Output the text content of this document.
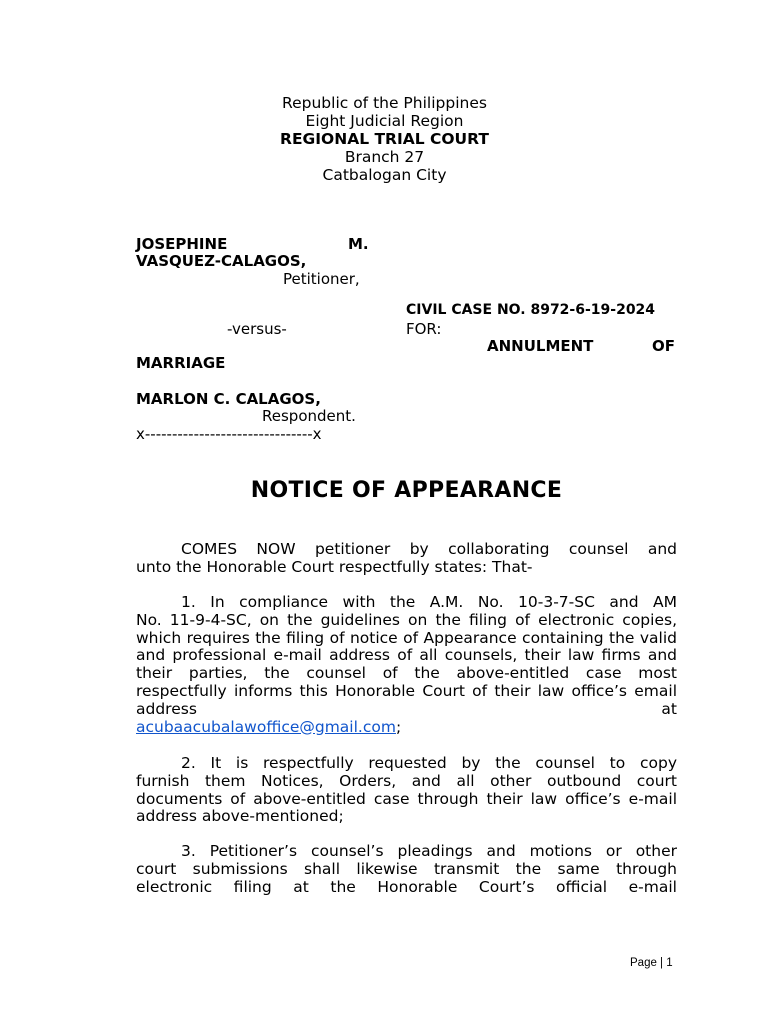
Republic of the Philippines
Eight Judicial Region
REGIONAL TRIAL COURT
Branch 27
Catbalogan City
JOSEPHINE	M.
VASQUEZ-CALAGOS,
Petitioner,
CIVIL CASE NO. 8972-6-19-2024
-versus-	FOR:
ANNULMENT	OF
MARRIAGE
MARLON C. CALAGOS,
Respondent.
x-------------------------------x
NOTICE OF APPEARANCE
COMES NOW petitioner by collaborating counsel and
unto the Honorable Court respectfully states: That-
1. In compliance with the A.M. No. 10-3-7-SC and AM
No. 11-9-4-SC, on the guidelines on the filing of electronic copies, which requires the filing of notice of Appearance containing the valid and professional e-mail address of all counsels, their law firms and their parties, the counsel of the above-entitled case most respectfully informs this Honorable Court of their law office’s email address at
acubaacubalawoffice@gmail.com;
2. It is respectfully requested by the counsel to copy
furnish them Notices, Orders, and all other outbound court documents of above-entitled case through their law office’s e-mail address above-mentioned;
3. Petitioner’s counsel’s pleadings and motions or other
court submissions shall likewise transmit the same through electronic filing at the Honorable Court’s official e-mail
Page | 1
